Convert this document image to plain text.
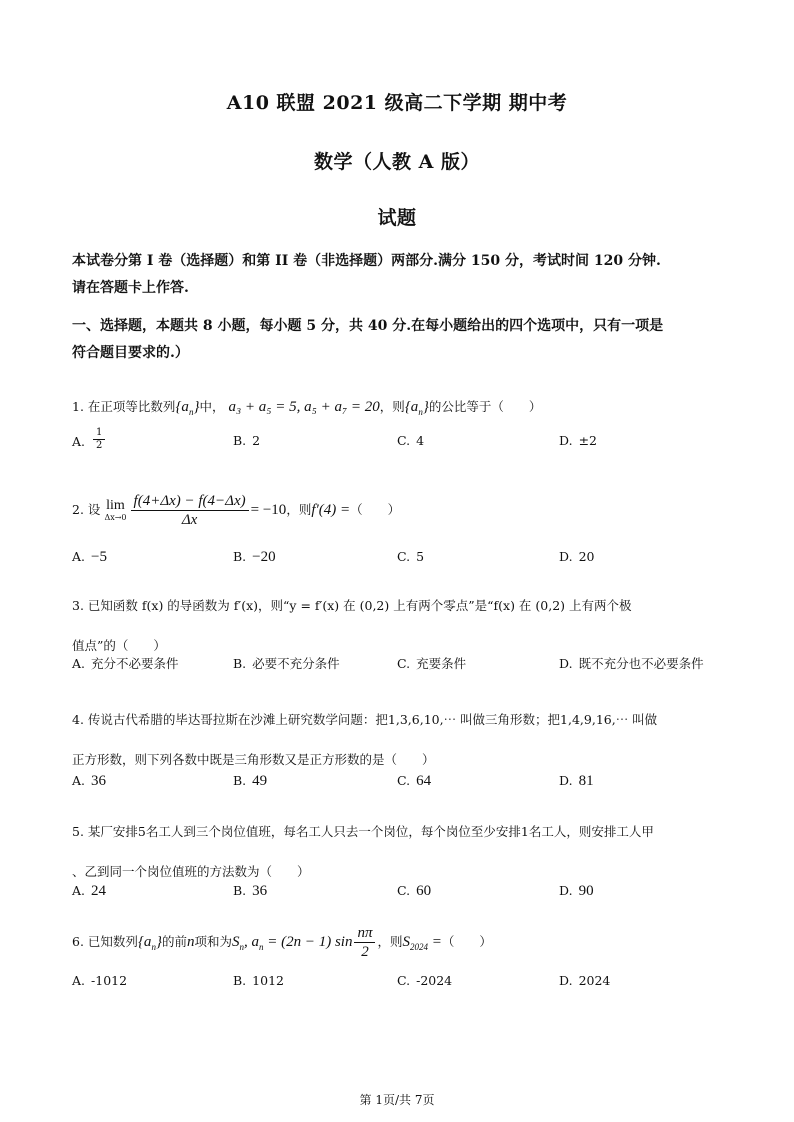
A10 联盟 2021 级高二下学期 期中考
数学（人教 A 版）
试题
本试卷分第 I 卷（选择题）和第 II 卷（非选择题）两部分.满分 150 分，考试时间 120 分钟.
请在答题卡上作答.
一、选择题，本题共 8 小题，每小题 5 分，共 40 分.在每小题给出的四个选项中，只有一项是
符合题目要求的.）
1. 在正项等比数列$\{a_n\}$中， a₃ + a₅ = 5, a₅ + a₇ = 20，则$\{a_n\}$的公比等于（　　）
A. $\frac{1}{2}$	B. 2	C. 4	D. ±2
2. 设 lim
$\Delta x\to 0 \frac{f(4+\Delta x) - f(4-\Delta x)}{\Delta x} = -10$，则f′(4) =（　　）
A. −5	B. −20	C. 5	D. 20
3. 已知函数 f(x) 的导函数为 f′(x)，则“y = f′(x) 在 (0,2) 上有两个零点”是“f(x) 在 (0,2) 上有两个极
值点”的（　　）
A. 充分不必要条件	B. 必要不充分条件	C. 充要条件	D. 既不充分也不必要条件
4. 传说古代希腊的毕达哥拉斯在沙滩上研究数学问题：把1,3,6,10,⋯ 叫做三角形数；把1,4,9,16,⋯ 叫做
正方形数，则下列各数中既是三角形数又是正方形数的是（　　）
A. 36	B. 49	C. 64	D. 81
5. 某厂安排5名工人到三个岗位值班，每名工人只去一个岗位，每个岗位至少安排1名工人，则安排工人甲
、乙到同一个岗位值班的方法数为（　　）
A. 24	B. 36	C. 60	D. 90
6. 已知数列$\{a_n\}$的前n项和为$S_n$, $a_n = (2n - 1)$ $\sin \frac{n\pi}{2}$ ，则$S_{2024}$ =（　　）
A. -1012	B. 1012	C. -2024	D. 2024
第 1页/共 7页
